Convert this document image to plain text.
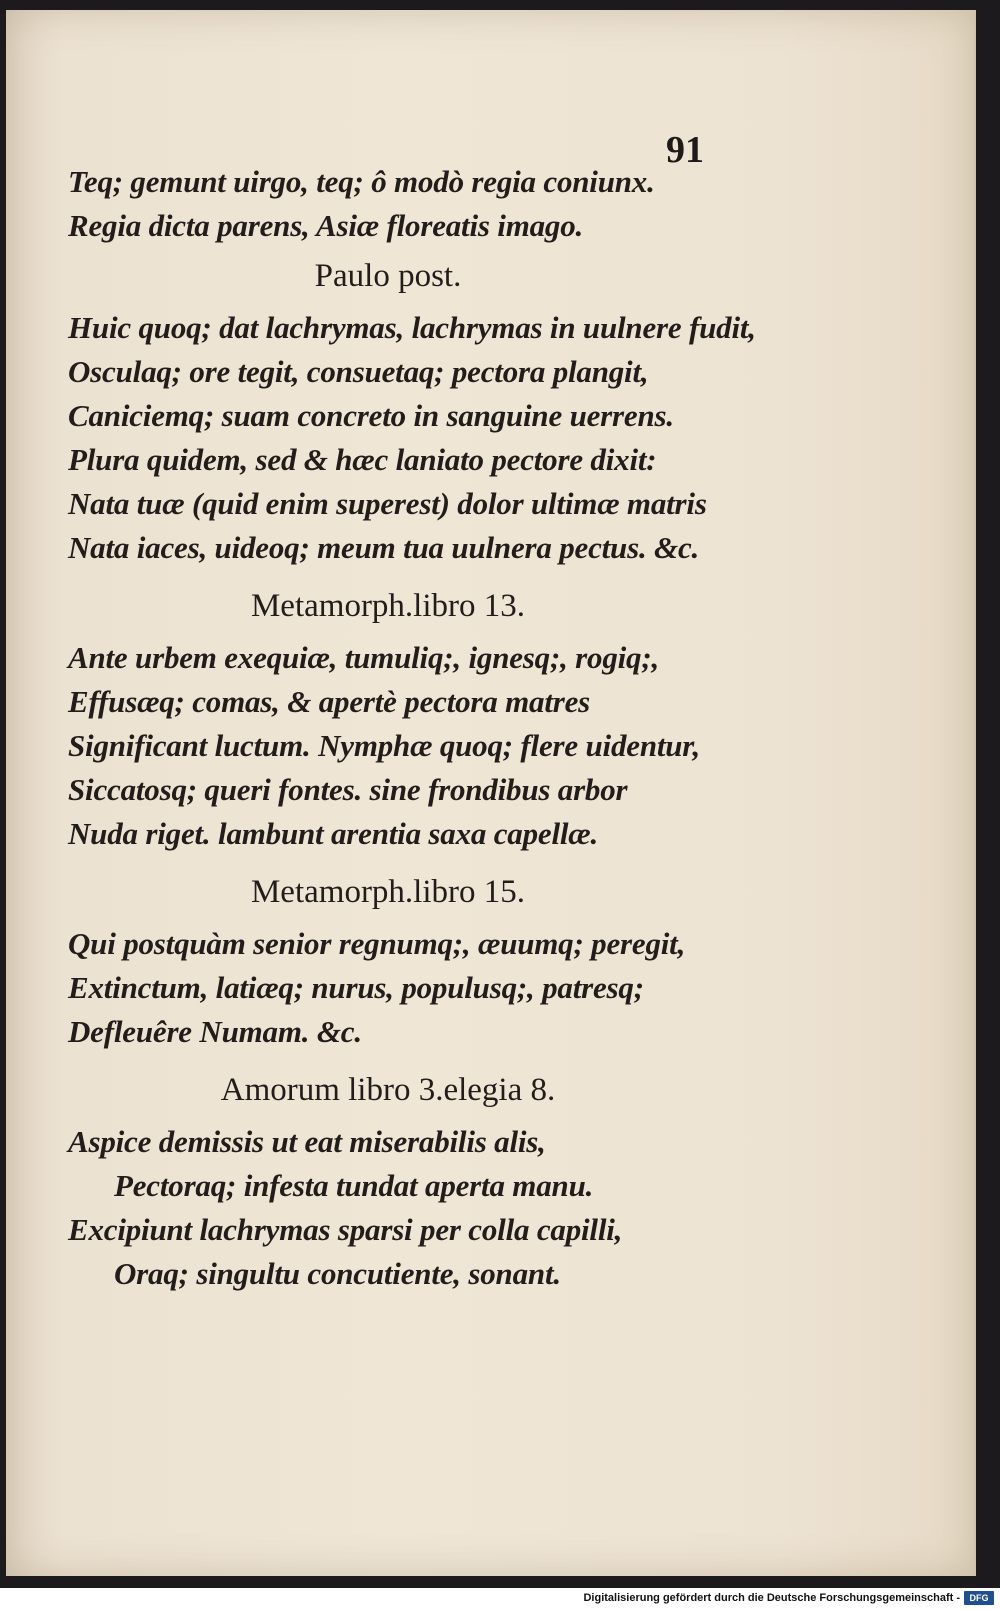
91
Teq; gemunt uirgo, teq; ô modò regia coniunx.
Regia dicta parens, Asiæ floreatis imago.
Paulo post.
Huic quoq; dat lachrymas, lachrymas in uulnere fudit,
Osculaq; ore tegit, consuetaq; pectora plangit,
Caniciemq; suam concreto in sanguine uerrens.
Plura quidem, sed & hæc laniato pectore dixit:
Nata tuæ (quid enim superest) dolor ultimæ matris
Nata iaces, uideoq; meum tua uulnera pectus. &c.
Metamorph.libro 13.
Ante urbem exequiæ, tumuliq;, ignesq;, rogiq;,
Effusæq; comas, & apertè pectora matres
Significant luctum. Nymphæ quoq; flere uidentur,
Siccatosq; queri fontes. sine frondibus arbor
Nuda riget. lambunt arentia saxa capellæ.
Metamorph.libro 15.
Qui postquàm senior regnumq;, æuumq; peregit,
Extinctum, latiæq; nurus, populusq;, patresq;
Defleuêre Numam. &c.
Amorum libro 3.elegia 8.
Aspice demissis ut eat miserabilis alis,
Pectoraq; infesta tundat aperta manu.
Excipiunt lachrymas sparsi per colla capilli,
Oraq; singultu concutiente, sonant.
Digitalisierung gefördert durch die Deutsche Forschungsgemeinschaft -	DFG
